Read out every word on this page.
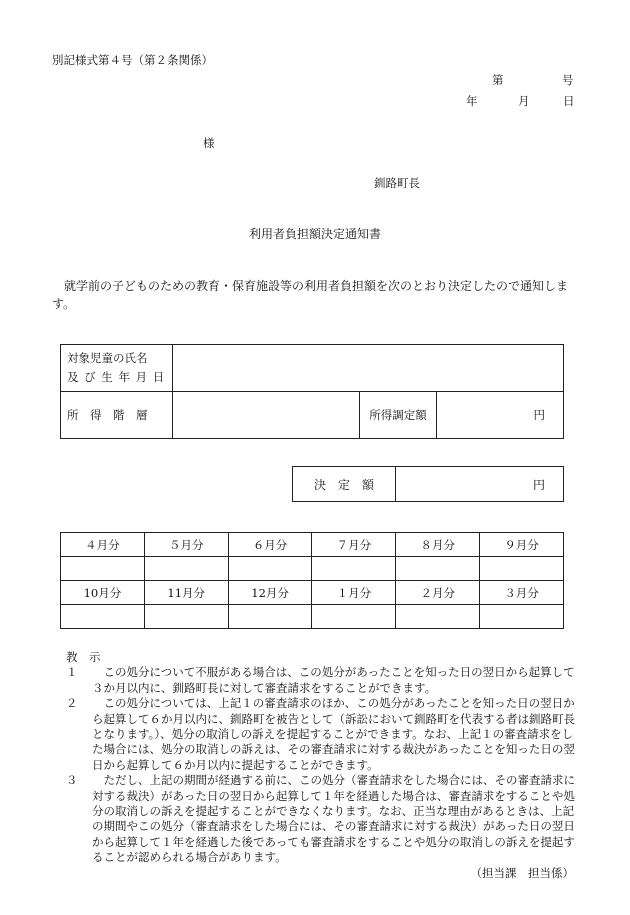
別記様式第４号（第２条関係）
第	号
年	月	日
様
釧路町長
利用者負担額決定通知書
就学前の子どものための教育・保育施設等の利用者負担額を次のとおり決定したので通知します。
対象児童の氏名
及 び 生 年 月 日			

所　得　階　層		所得調定額	円
決　定　額	円
４月分	５月分	６月分	７月分	８月分	９月分

10月分	11月分	12月分	１月分	２月分	３月分

教　示
１	この処分について不服がある場合は、この処分があったことを知った日の翌日から起算して３か月以内に、釧路町長に対して審査請求をすることができます。
２	この処分については、上記１の審査請求のほか、この処分があったことを知った日の翌日から起算して６か月以内に、釧路町を被告として（訴訟において釧路町を代表する者は釧路町長となります。）、処分の取消しの訴えを提起することができます。なお、上記１の審査請求をした場合には、処分の取消しの訴えは、その審査請求に対する裁決があったことを知った日の翌日から起算して６か月以内に提起することができます。
３	ただし、上記の期間が経過する前に、この処分（審査請求をした場合には、その審査請求に対する裁決）があった日の翌日から起算して１年を経過した場合は、審査請求をすることや処分の取消しの訴えを提起することができなくなります。なお、正当な理由があるときは、上記の期間やこの処分（審査請求をした場合には、その審査請求に対する裁決）があった日の翌日から起算して１年を経過した後であっても審査請求をすることや処分の取消しの訴えを提起することが認められる場合があります。
（担当課　担当係）
